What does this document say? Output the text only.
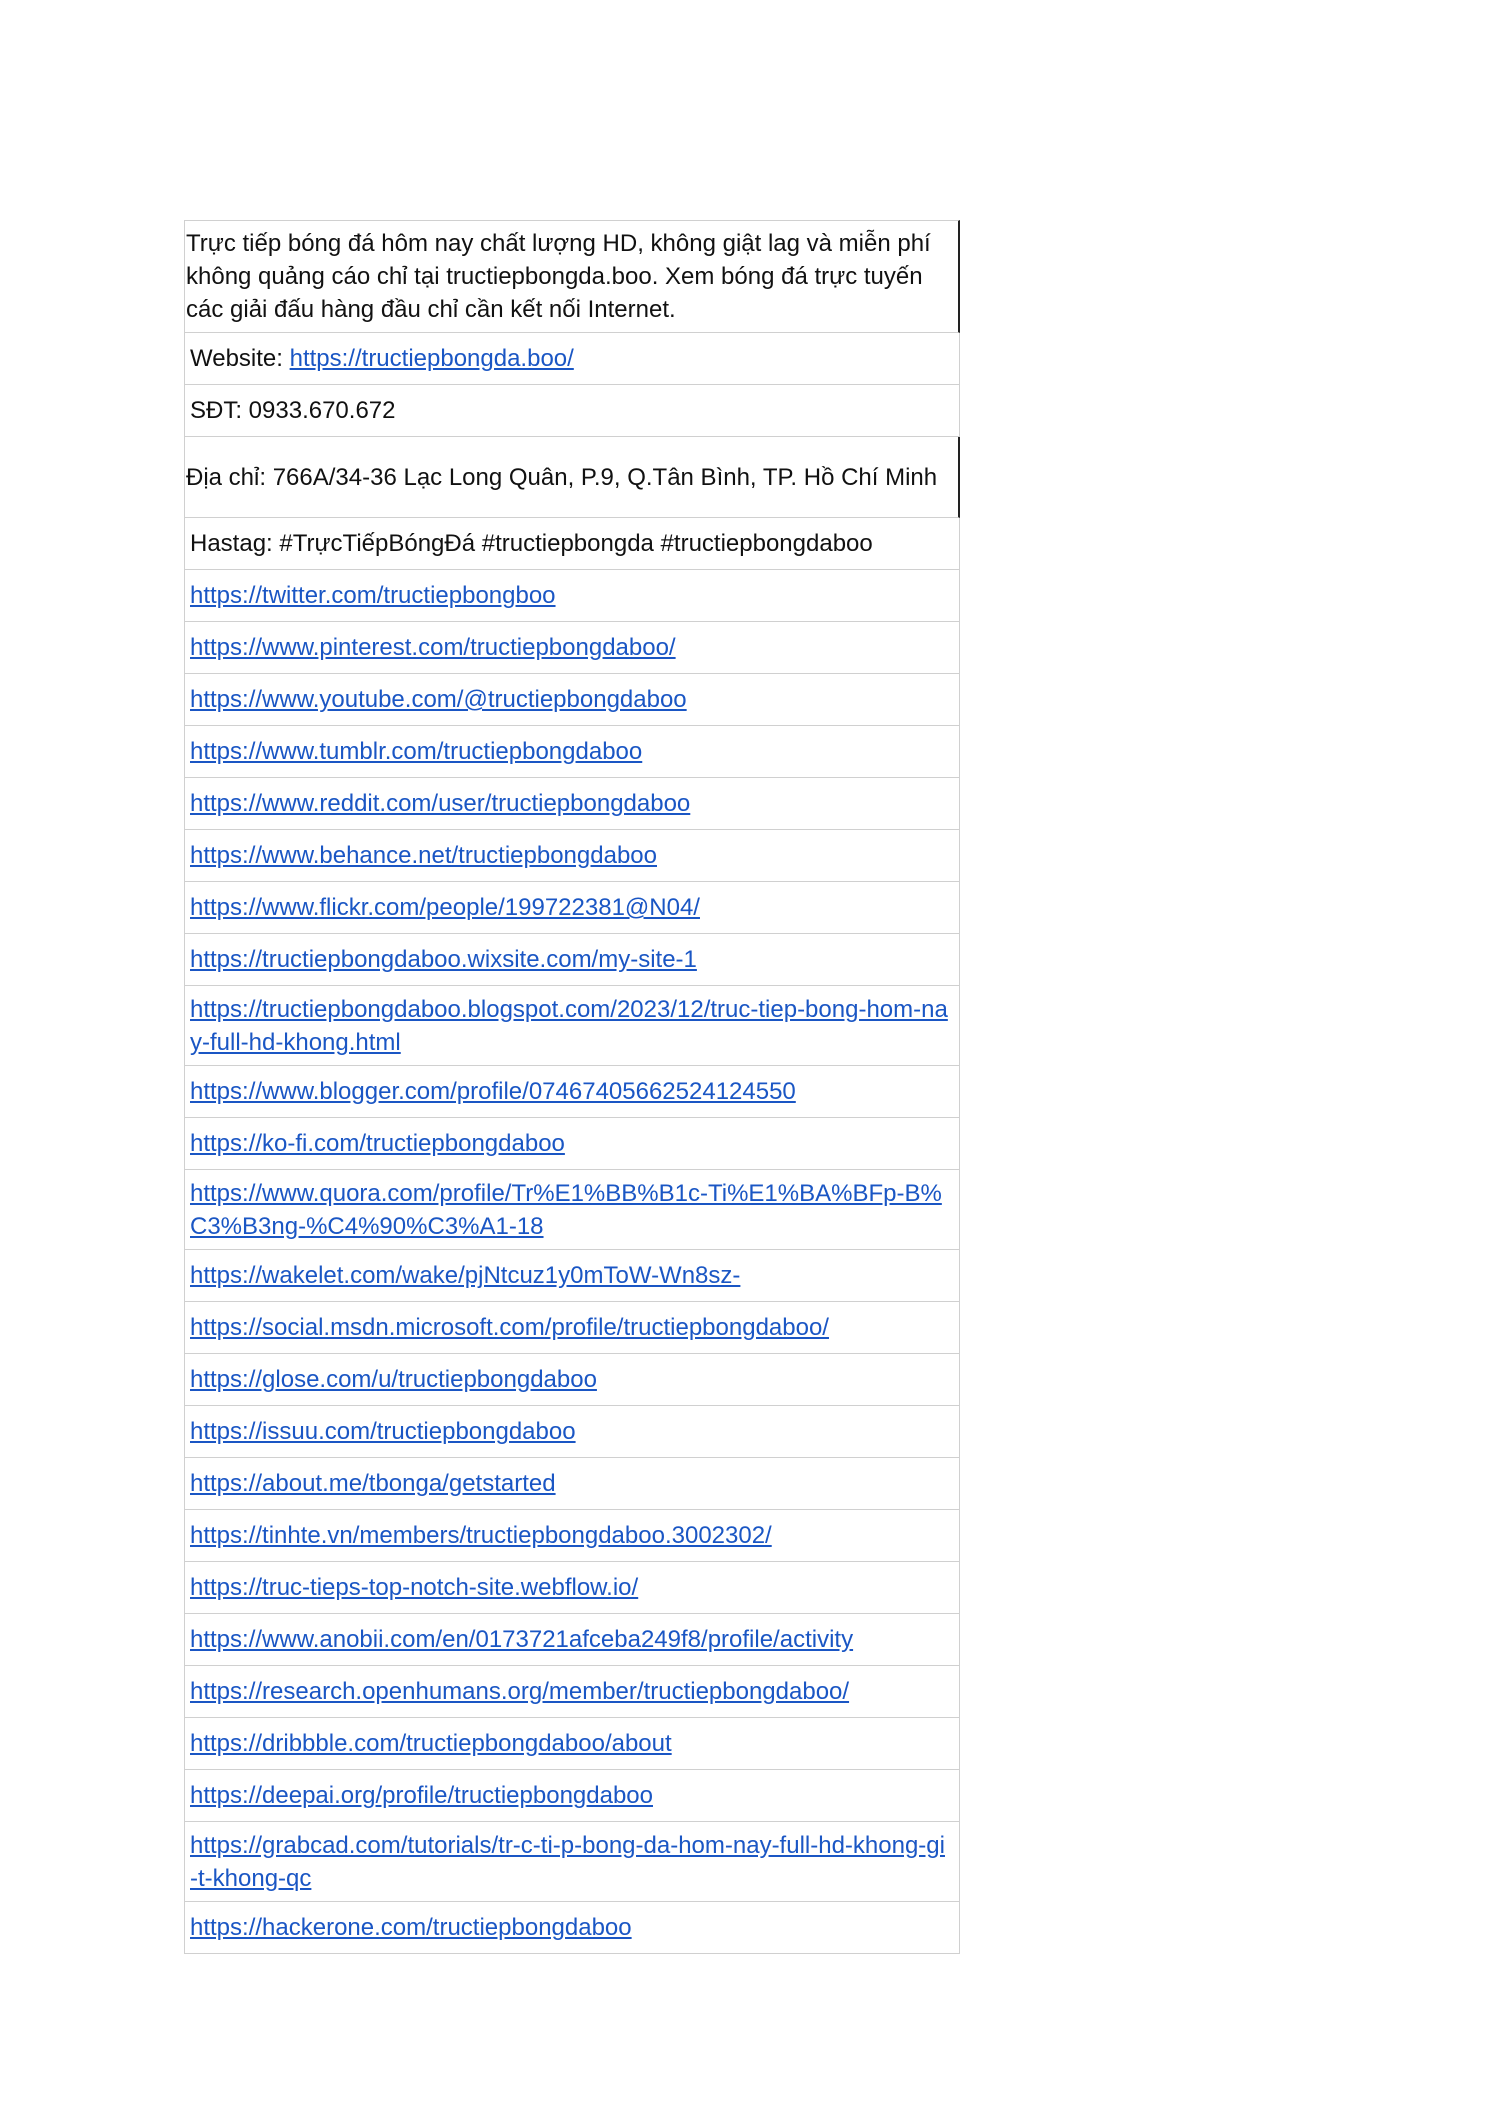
Trực tiếp bóng đá hôm nay chất lượng HD, không giật lag và miễn phí không quảng cáo chỉ tại tructiepbongda.boo. Xem bóng đá trực tuyến các giải đấu hàng đầu chỉ cần kết nối Internet.
Website: https://tructiepbongda.boo/
SĐT: 0933.670.672
Địa chỉ: 766A/34-36 Lạc Long Quân, P.9, Q.Tân Bình, TP. Hồ Chí Minh
Hastag: #TrựcTiếpBóngĐá #tructiepbongda #tructiepbongdaboo
https://twitter.com/tructiepbongboo
https://www.pinterest.com/tructiepbongdaboo/
https://www.youtube.com/@tructiepbongdaboo
https://www.tumblr.com/tructiepbongdaboo
https://www.reddit.com/user/tructiepbongdaboo
https://www.behance.net/tructiepbongdaboo
https://www.flickr.com/people/199722381@N04/
https://tructiepbongdaboo.wixsite.com/my-site-1
https://tructiepbongdaboo.blogspot.com/2023/12/truc-tiep-bong-hom-nay-full-hd-khong.html
https://www.blogger.com/profile/07467405662524124550
https://ko-fi.com/tructiepbongdaboo
https://www.quora.com/profile/Tr%E1%BB%B1c-Ti%E1%BA%BFp-B%C3%B3ng-%C4%90%C3%A1-18
https://wakelet.com/wake/pjNtcuz1y0mToW-Wn8sz-
https://social.msdn.microsoft.com/profile/tructiepbongdaboo/
https://glose.com/u/tructiepbongdaboo
https://issuu.com/tructiepbongdaboo
https://about.me/tbonga/getstarted
https://tinhte.vn/members/tructiepbongdaboo.3002302/
https://truc-tieps-top-notch-site.webflow.io/
https://www.anobii.com/en/0173721afceba249f8/profile/activity
https://research.openhumans.org/member/tructiepbongdaboo/
https://dribbble.com/tructiepbongdaboo/about
https://deepai.org/profile/tructiepbongdaboo
https://grabcad.com/tutorials/tr-c-ti-p-bong-da-hom-nay-full-hd-khong-gi-t-khong-qc
https://hackerone.com/tructiepbongdaboo
